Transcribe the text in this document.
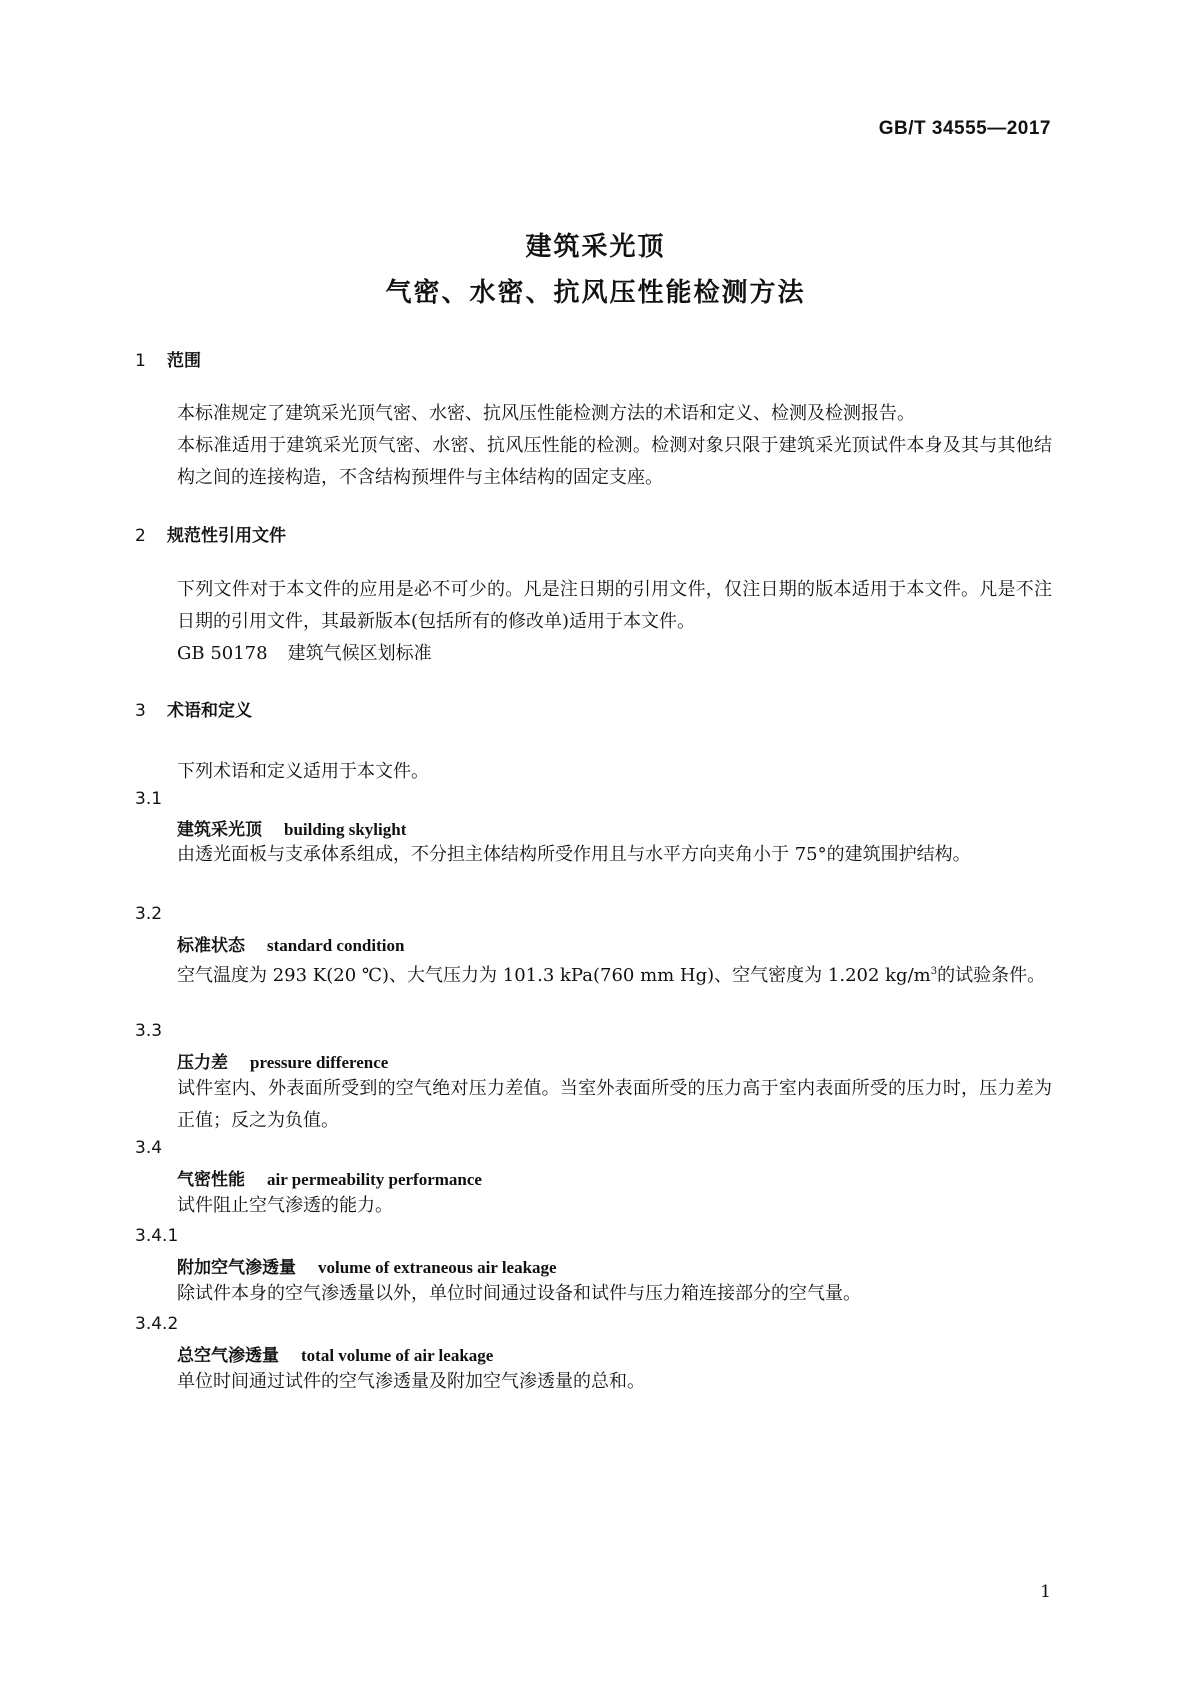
GB/T 34555—2017
建筑采光顶
气密、水密、抗风压性能检测方法
1 范围
本标准规定了建筑采光顶气密、水密、抗风压性能检测方法的术语和定义、检测及检测报告。
本标准适用于建筑采光顶气密、水密、抗风压性能的检测。检测对象只限于建筑采光顶试件本身及其与其他结构之间的连接构造，不含结构预埋件与主体结构的固定支座。
2 规范性引用文件
下列文件对于本文件的应用是必不可少的。凡是注日期的引用文件，仅注日期的版本适用于本文件。凡是不注日期的引用文件，其最新版本(包括所有的修改单)适用于本文件。
GB 50178 建筑气候区划标准
3 术语和定义
下列术语和定义适用于本文件。
3.1
建筑采光顶 building skylight
由透光面板与支承体系组成，不分担主体结构所受作用且与水平方向夹角小于 75°的建筑围护结构。
3.2
标准状态 standard condition
空气温度为 293 K(20 ℃)、大气压力为 101.3 kPa(760 mm Hg)、空气密度为 1.202 $kg/m^3$的试验条件。
3.3
压力差 pressure difference
试件室内、外表面所受到的空气绝对压力差值。当室外表面所受的压力高于室内表面所受的压力时，压力差为正值；反之为负值。
3.4
气密性能 air permeability performance
试件阻止空气渗透的能力。
3.4.1
附加空气渗透量 volume of extraneous air leakage
除试件本身的空气渗透量以外，单位时间通过设备和试件与压力箱连接部分的空气量。
3.4.2
总空气渗透量 total volume of air leakage
单位时间通过试件的空气渗透量及附加空气渗透量的总和。
1
